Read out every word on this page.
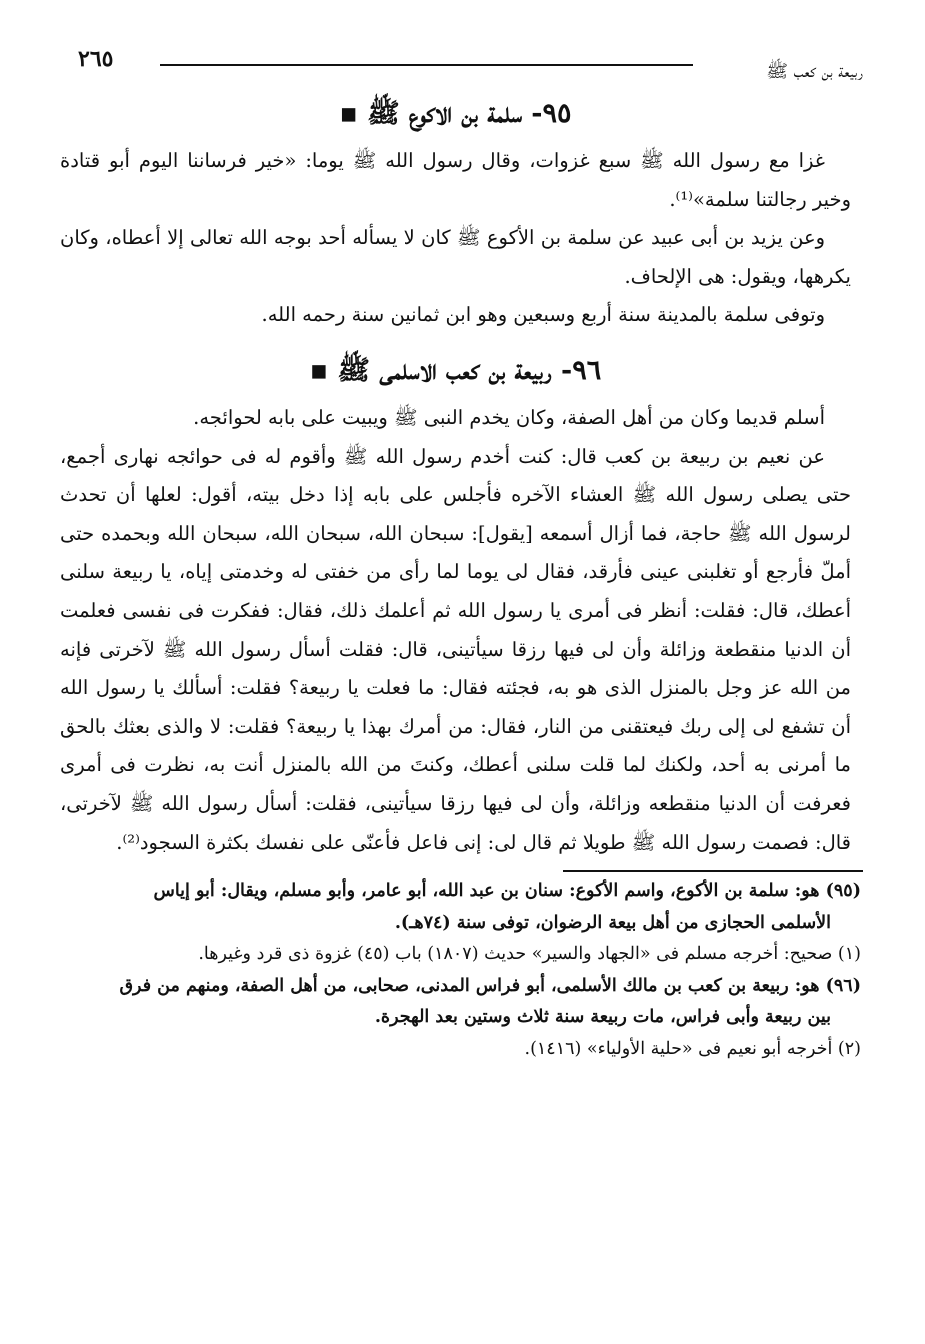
ربيعة بن كعب ﷺ
٢٦٥
٩٥- سلمة بن الاكوع ﷺ ▪

غزا مع رسول الله ﷺ سبع غزوات، وقال رسول الله ﷺ يوما: «خير فرساننا اليوم أبو قتادة وخير رجالتنا سلمة»⁽¹⁾.

وعن يزيد بن أبى عبيد عن سلمة بن الأكوع ﷺ كان لا يسأله أحد بوجه الله تعالى إلا أعطاه، وكان يكرهها، ويقول: هى الإلحاف.

وتوفى سلمة بالمدينة سنة أربع وسبعين وهو ابن ثمانين سنة رحمه الله.

٩٦- ربيعة بن كعب الاسلمى ﷺ ▪

أسلم قديما وكان من أهل الصفة، وكان يخدم النبى ﷺ ويبيت على بابه لحوائجه.

عن نعيم بن ربيعة بن كعب قال: كنت أخدم رسول الله ﷺ وأقوم له فى حوائجه نهارى أجمع، حتى يصلى رسول الله ﷺ العشاء الآخره فأجلس على بابه إذا دخل بيته، أقول: لعلها أن تحدث لرسول الله ﷺ حاجة، فما أزال أسمعه [يقول]: سبحان الله، سبحان الله، سبحان الله وبحمده حتى أملّ فأرجع أو تغلبنى عينى فأرقد، فقال لى يوما لما رأى من خفتى له وخدمتى إياه، يا ربيعة سلنى أعطك، قال: فقلت: أنظر فى أمرى يا رسول الله ثم أعلمك ذلك، فقال: ففكرت فى نفسى فعلمت أن الدنيا منقطعة وزائلة وأن لى فيها رزقا سيأتينى، قال: فقلت أسأل رسول الله ﷺ لآخرتى فإنه من الله عز وجل بالمنزل الذى هو به، فجئته فقال: ما فعلت يا ربيعة؟ فقلت: أسألك يا رسول الله أن تشفع لى إلى ربك فيعتقنى من النار، فقال: من أمرك بهذا يا ربيعة؟ فقلت: لا والذى بعثك بالحق ما أمرنى به أحد، ولكنك لما قلت سلنى أعطك، وكنتَ من الله بالمنزل أنت به، نظرت فى أمرى فعرفت أن الدنيا منقطعه وزائلة، وأن لى فيها رزقا سيأتينى، فقلت: أسأل رسول الله ﷺ لآخرتى، قال: فصمت رسول الله ﷺ طويلا ثم قال لى: إنى فاعل فأعنّى على نفسك بكثرة السجود⁽²⁾.

(٩٥) هو: سلمة بن الأكوع، واسم الأكوع: سنان بن عبد الله، أبو عامر، وأبو مسلم، ويقال: أبو إياس

الأسلمى الحجازى من أهل بيعة الرضوان، توفى سنة (٧٤هـ).

(١) صحيح: أخرجه مسلم فى «الجهاد والسير» حديث (١٨٠٧) باب (٤٥) غزوة ذى قرد وغيرها.

(٩٦) هو: ربيعة بن كعب بن مالك الأسلمى، أبو فراس المدنى، صحابى، من أهل الصفة، ومنهم من فرق

بين ربيعة وأبى فراس، مات ربيعة سنة ثلاث وستين بعد الهجرة.

(٢) أخرجه أبو نعيم فى «حلية الأولياء» (١٤١٦).
